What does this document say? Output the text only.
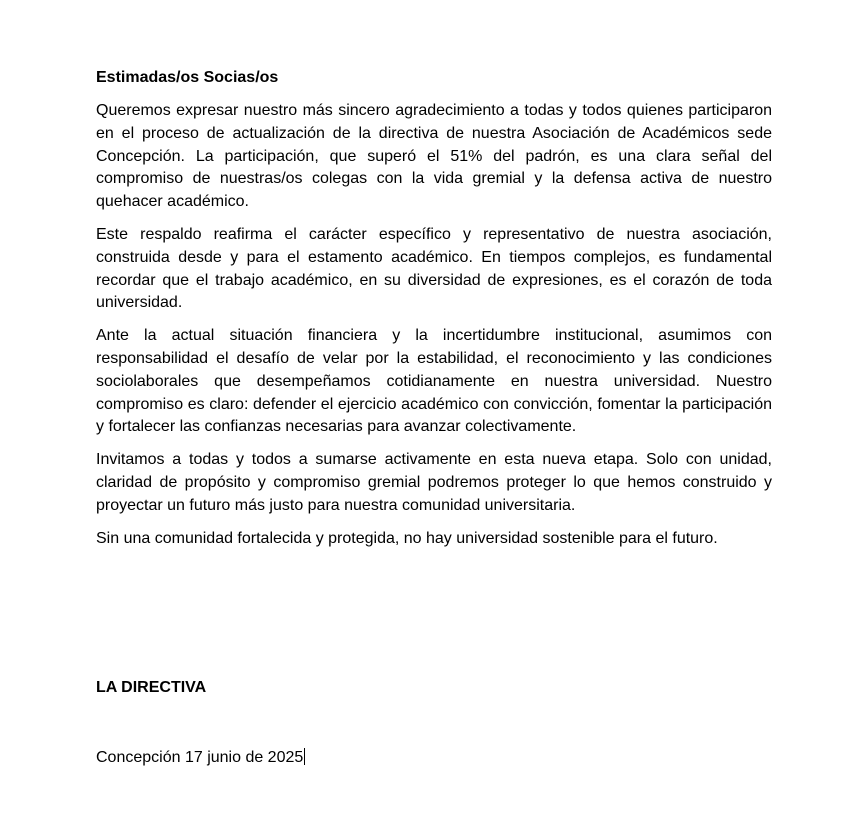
Estimadas/os Socias/os

Queremos expresar nuestro más sincero agradecimiento a todas y todos quienes participaron en el proceso de actualización de la directiva de nuestra Asociación de Académicos sede Concepción. La participación, que superó el 51% del padrón, es una clara señal del compromiso de nuestras/os colegas con la vida gremial y la defensa activa de nuestro quehacer académico.

Este respaldo reafirma el carácter específico y representativo de nuestra asociación, construida desde y para el estamento académico. En tiempos complejos, es fundamental recordar que el trabajo académico, en su diversidad de expresiones, es el corazón de toda universidad.

Ante la actual situación financiera y la incertidumbre institucional, asumimos con responsabilidad el desafío de velar por la estabilidad, el reconocimiento y las condiciones sociolaborales que desempeñamos cotidianamente en nuestra universidad. Nuestro compromiso es claro: defender el ejercicio académico con convicción, fomentar la participación y fortalecer las confianzas necesarias para avanzar colectivamente.

Invitamos a todas y todos a sumarse activamente en esta nueva etapa. Solo con unidad, claridad de propósito y compromiso gremial podremos proteger lo que hemos construido y proyectar un futuro más justo para nuestra comunidad universitaria.

Sin una comunidad fortalecida y protegida, no hay universidad sostenible para el futuro.

LA DIRECTIVA

Concepción 17 junio de 2025
